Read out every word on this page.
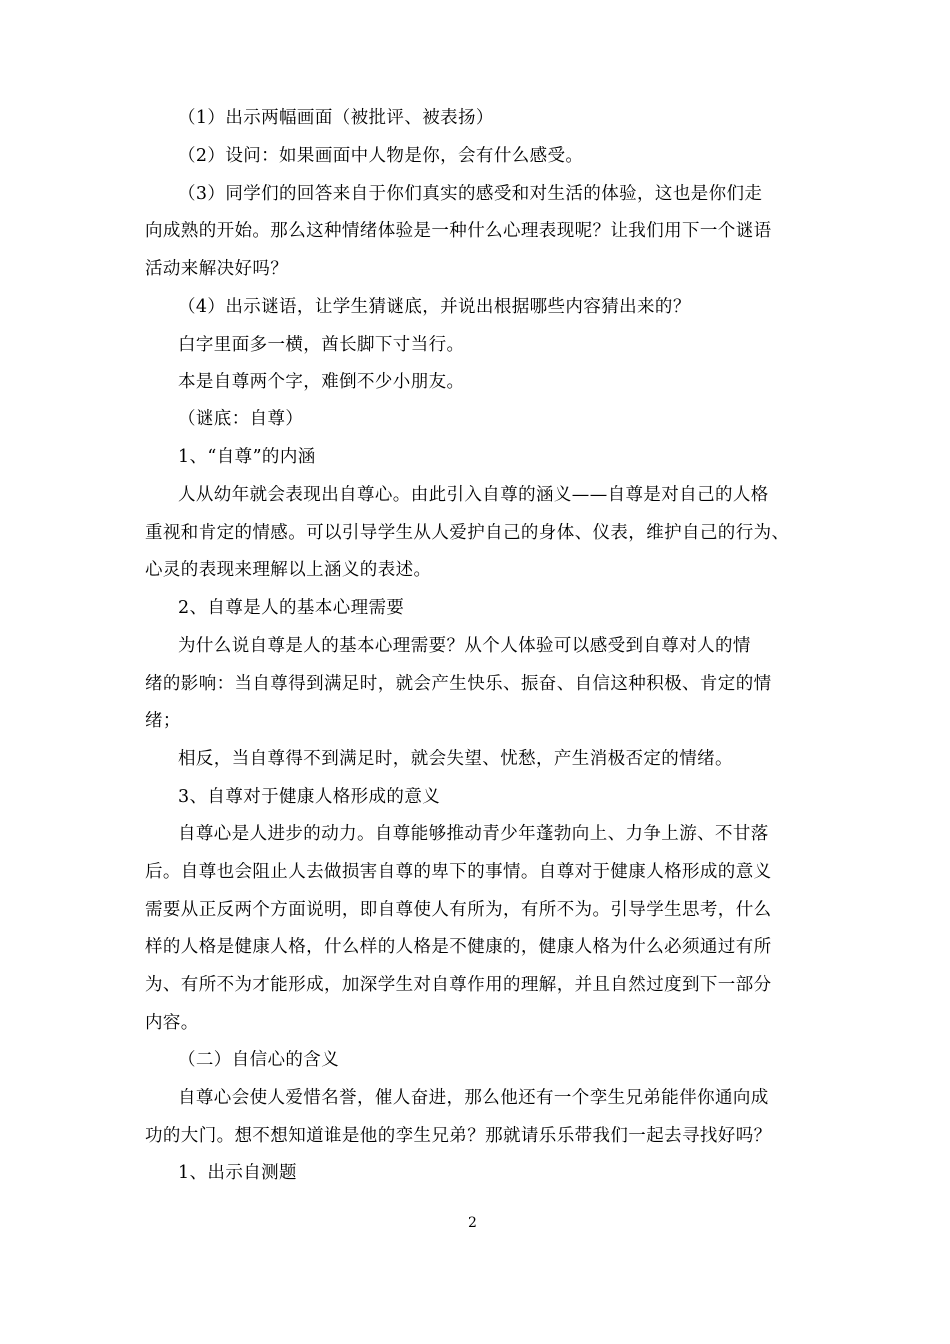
（1）出示两幅画面（被批评、被表扬）
（2）设问：如果画面中人物是你，会有什么感受。
（3）同学们的回答来自于你们真实的感受和对生活的体验，这也是你们走
向成熟的开始。那么这种情绪体验是一种什么心理表现呢？让我们用下一个谜语
活动来解决好吗？
（4）出示谜语，让学生猜谜底，并说出根据哪些内容猜出来的？
白字里面多一横，酋长脚下寸当行。
本是自尊两个字，难倒不少小朋友。
（谜底：自尊）
1、“自尊”的内涵
人从幼年就会表现出自尊心。由此引入自尊的涵义——自尊是对自己的人格
重视和肯定的情感。可以引导学生从人爱护自己的身体、仪表，维护自己的行为、
心灵的表现来理解以上涵义的表述。
2、自尊是人的基本心理需要
为什么说自尊是人的基本心理需要？从个人体验可以感受到自尊对人的情
绪的影响：当自尊得到满足时，就会产生快乐、振奋、自信这种积极、肯定的情
绪；
相反，当自尊得不到满足时，就会失望、忧愁，产生消极否定的情绪。
3、自尊对于健康人格形成的意义
自尊心是人进步的动力。自尊能够推动青少年蓬勃向上、力争上游、不甘落
后。自尊也会阻止人去做损害自尊的卑下的事情。自尊对于健康人格形成的意义
需要从正反两个方面说明，即自尊使人有所为，有所不为。引导学生思考，什么
样的人格是健康人格，什么样的人格是不健康的，健康人格为什么必须通过有所
为、有所不为才能形成，加深学生对自尊作用的理解，并且自然过度到下一部分
内容。
（二）自信心的含义
自尊心会使人爱惜名誉，催人奋进，那么他还有一个孪生兄弟能伴你通向成
功的大门。想不想知道谁是他的孪生兄弟？那就请乐乐带我们一起去寻找好吗？
1、出示自测题
2
